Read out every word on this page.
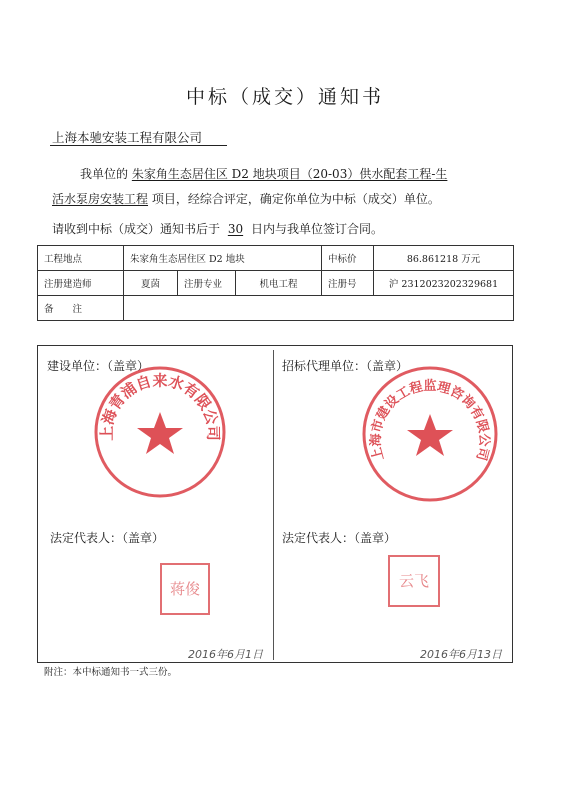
中标（成交）通知书
上海本驰安装工程有限公司
我单位的 朱家角生态居住区 D2 地块项目（20-03）供水配套工程-生
活水泵房安装工程 项目，经综合评定，确定你单位为中标（成交）单位。
请收到中标（成交）通知书后于 30 日内与我单位签订合同。
工程地点	朱家角生态居住区 D2 地块			中标价	86.861218 万元
注册建造师	夏茵	注册专业	机电工程	注册号	沪 2312023202329681
备　　注					
建设单位：（盖章）	招标代理单位：（盖章）
上海青浦自来水有限公司
上海市建设工程监理咨询有限公司
法定代表人：（盖章）	法定代表人：（盖章）
蒋俊	云飞
2016年6月1日	2016年6月13日
附注：本中标通知书一式三份。
